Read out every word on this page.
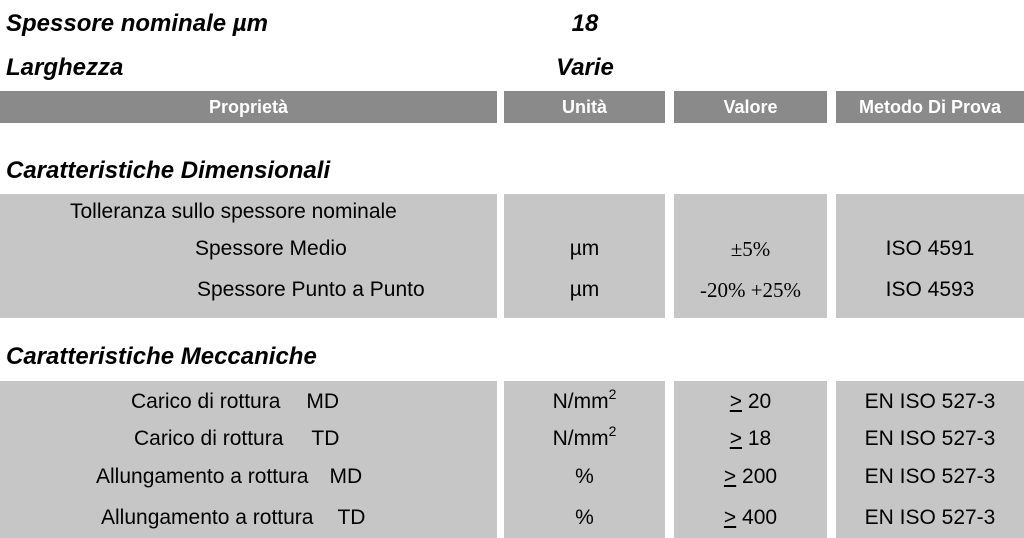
Spessore nominale µm	18
Larghezza	Varie
Proprietà	Unità	Valore	Metodo Di Prova
Caratteristiche Dimensionali
Tolleranza sullo spessore nominale
Spessore Medio	µm	±5%	ISO 4591
Spessore Punto a Punto	µm	-20% +25%	ISO 4593
Caratteristiche Meccaniche
Carico di rottura MD	$N/mm^2$	> 20	EN ISO 527-3
Carico di rottura TD	$N/mm^2$	> 18	EN ISO 527-3
Allungamento a rottura MD	%	> 200	EN ISO 527-3
Allungamento a rottura TD	%	> 400	EN ISO 527-3
